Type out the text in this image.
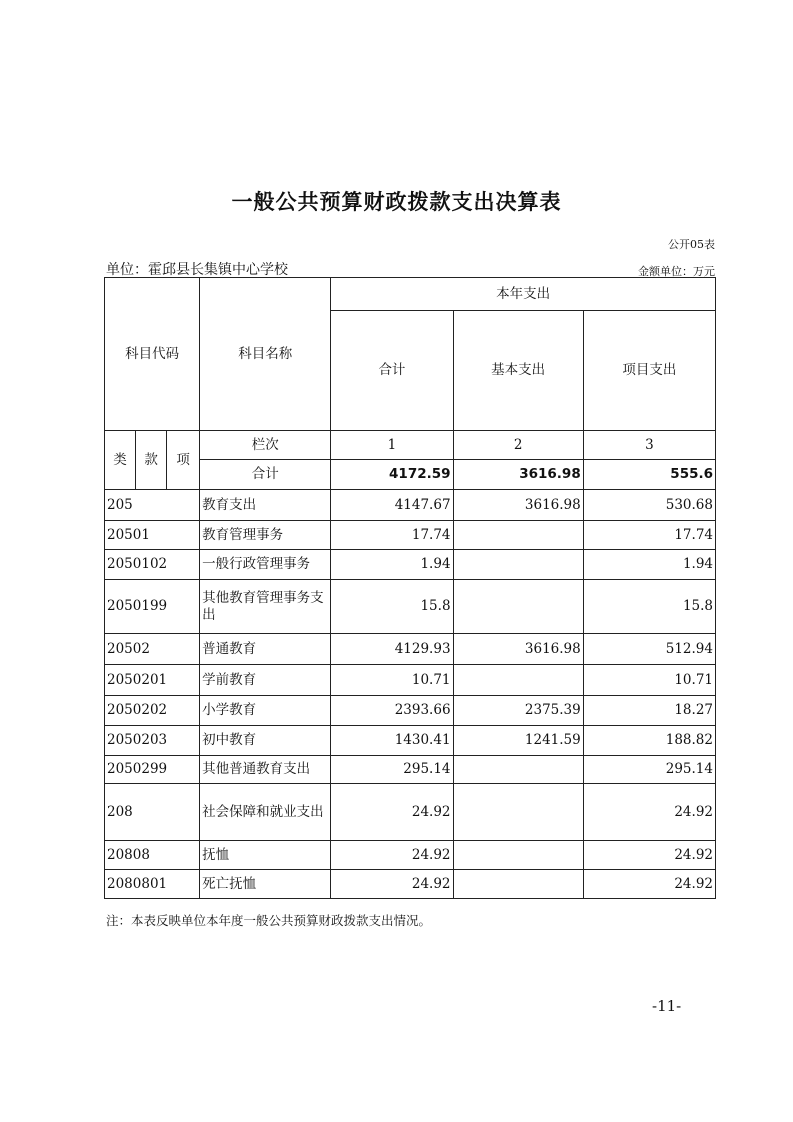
一般公共预算财政拨款支出决算表
公开05表
单位：霍邱县长集镇中心学校	金额单位：万元
科目代码			科目名称	本年支出		
				合计	基本支出	项目支出
类	款	项	栏次	1	2	3
			合计	4172.59	3616.98	555.6
205			教育支出	4147.67	3616.98	530.68
20501			教育管理事务	17.74		17.74
2050102			一般行政管理事务	1.94		1.94
2050199			其他教育管理事务支出	15.8		15.8
20502			普通教育	4129.93	3616.98	512.94
2050201			学前教育	10.71		10.71
2050202			小学教育	2393.66	2375.39	18.27
2050203			初中教育	1430.41	1241.59	188.82
2050299			其他普通教育支出	295.14		295.14
208			社会保障和就业支出	24.92		24.92
20808			抚恤	24.92		24.92
2080801			死亡抚恤	24.92		24.92
注：本表反映单位本年度一般公共预算财政拨款支出情况。
-11-
